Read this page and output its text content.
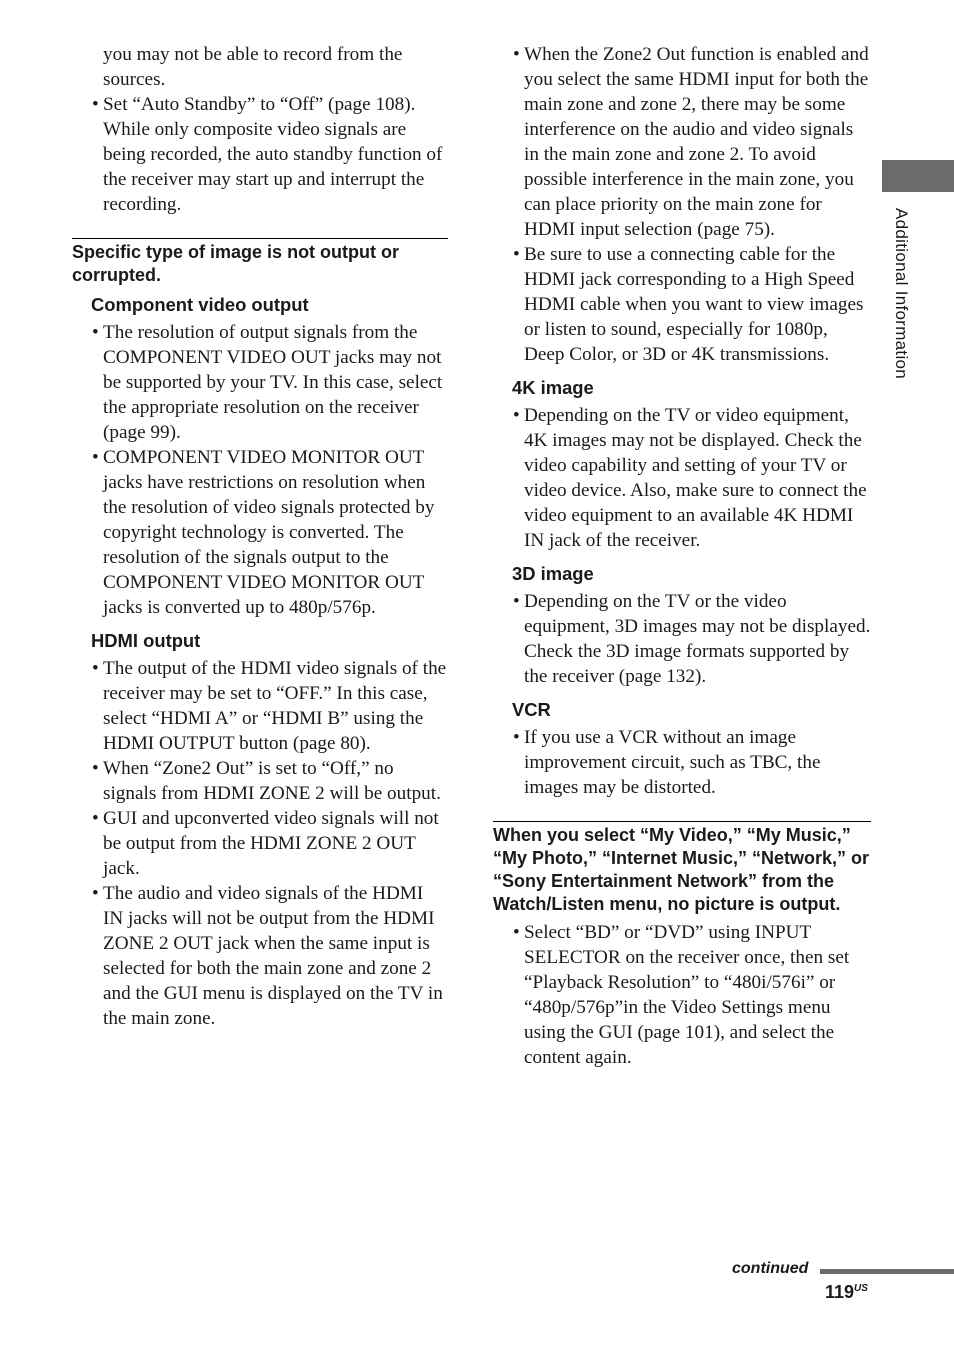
you may not be able to record from the sources.

• Set “Auto Standby” to “Off” (page 108). While only composite video signals are being recorded, the auto standby function of the receiver may start up and interrupt the recording.
Specific type of image is not output or corrupted.
Component video output
• The resolution of output signals from the COMPONENT VIDEO OUT jacks may not be supported by your TV. In this case, select the appropriate resolution on the receiver (page 99).
• COMPONENT VIDEO MONITOR OUT jacks have restrictions on resolution when the resolution of video signals protected by copyright technology is converted. The resolution of the signals output to the COMPONENT VIDEO MONITOR OUT jacks is converted up to 480p/576p.
HDMI output
• The output of the HDMI video signals of the receiver may be set to “OFF.” In this case, select “HDMI A” or “HDMI B” using the HDMI OUTPUT button (page 80).
• When “Zone2 Out” is set to “Off,” no signals from HDMI ZONE 2 will be output.
• GUI and upconverted video signals will not be output from the HDMI ZONE 2 OUT jack.
• The audio and video signals of the HDMI IN jacks will not be output from the HDMI ZONE 2 OUT jack when the same input is selected for both the main zone and zone 2 and the GUI menu is displayed on the TV in the main zone.
• When the Zone2 Out function is enabled and you select the same HDMI input for both the main zone and zone 2, there may be some interference on the audio and video signals in the main zone and zone 2. To avoid possible interference in the main zone, you can place priority on the main zone for HDMI input selection (page 75).
• Be sure to use a connecting cable for the HDMI jack corresponding to a High Speed HDMI cable when you want to view images or listen to sound, especially for 1080p, Deep Color, or 3D or 4K transmissions.
4K image
• Depending on the TV or video equipment, 4K images may not be displayed. Check the video capability and setting of your TV or video device. Also, make sure to connect the video equipment to an available 4K HDMI IN jack of the receiver.
3D image
• Depending on the TV or the video equipment, 3D images may not be displayed. Check the 3D image formats supported by the receiver (page 132).
VCR
• If you use a VCR without an image improvement circuit, such as TBC, the images may be distorted.
When you select “My Video,” “My Music,” “My Photo,” “Internet Music,” “Network,” or “Sony Entertainment Network” from the Watch/Listen menu, no picture is output.
• Select “BD” or “DVD” using INPUT SELECTOR on the receiver once, then set “Playback Resolution” to “480i/576i” or “480p/576p”in the Video Settings menu using the GUI (page 101), and select the content again.
Additional Information
continued
$119^{US}$
